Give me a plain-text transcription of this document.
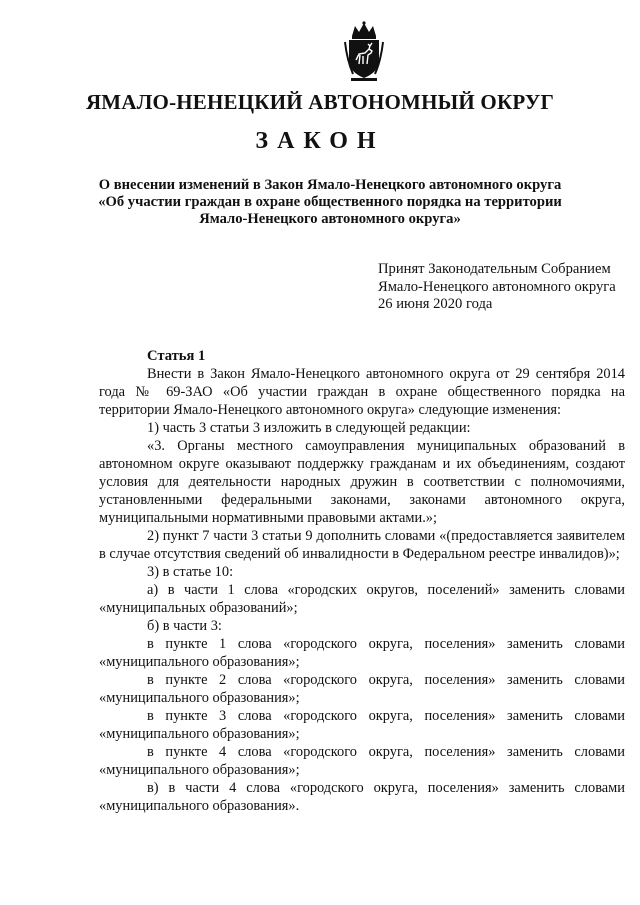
ЯМАЛО-НЕНЕЦКИЙ АВТОНОМНЫЙ ОКРУГ
ЗАКОН
О внесении изменений в Закон Ямало-Ненецкого автономного округа
«Об участии граждан в охране общественного порядка на территории
Ямало-Ненецкого автономного округа»
Принят Законодательным Собранием
Ямало-Ненецкого автономного округа
26 июня 2020 года
Статья 1

Внести в Закон Ямало-Ненецкого автономного округа от 29 сентября 2014 года № 69-ЗАО «Об участии граждан в охране общественного порядка на территории Ямало-Ненецкого автономного округа» следующие изменения:

1) часть 3 статьи 3 изложить в следующей редакции:

«3. Органы местного самоуправления муниципальных образований в автономном округе оказывают поддержку гражданам и их объединениям, создают условия для деятельности народных дружин в соответствии с полномочиями, установленными федеральными законами, законами автономного округа, муниципальными нормативными правовыми актами.»;

2) пункт 7 части 3 статьи 9 дополнить словами «(предоставляется заявителем в случае отсутствия сведений об инвалидности в Федеральном реестре инвалидов)»;

3) в статье 10:

а) в части 1 слова «городских округов, поселений» заменить словами «муниципальных образований»;

б) в части 3:

в пункте 1 слова «городского округа, поселения» заменить словами «муниципального образования»;

в пункте 2 слова «городского округа, поселения» заменить словами «муниципального образования»;

в пункте 3 слова «городского округа, поселения» заменить словами «муниципального образования»;

в пункте 4 слова «городского округа, поселения» заменить словами «муниципального образования»;

в) в части 4 слова «городского округа, поселения» заменить словами «муниципального образования».
